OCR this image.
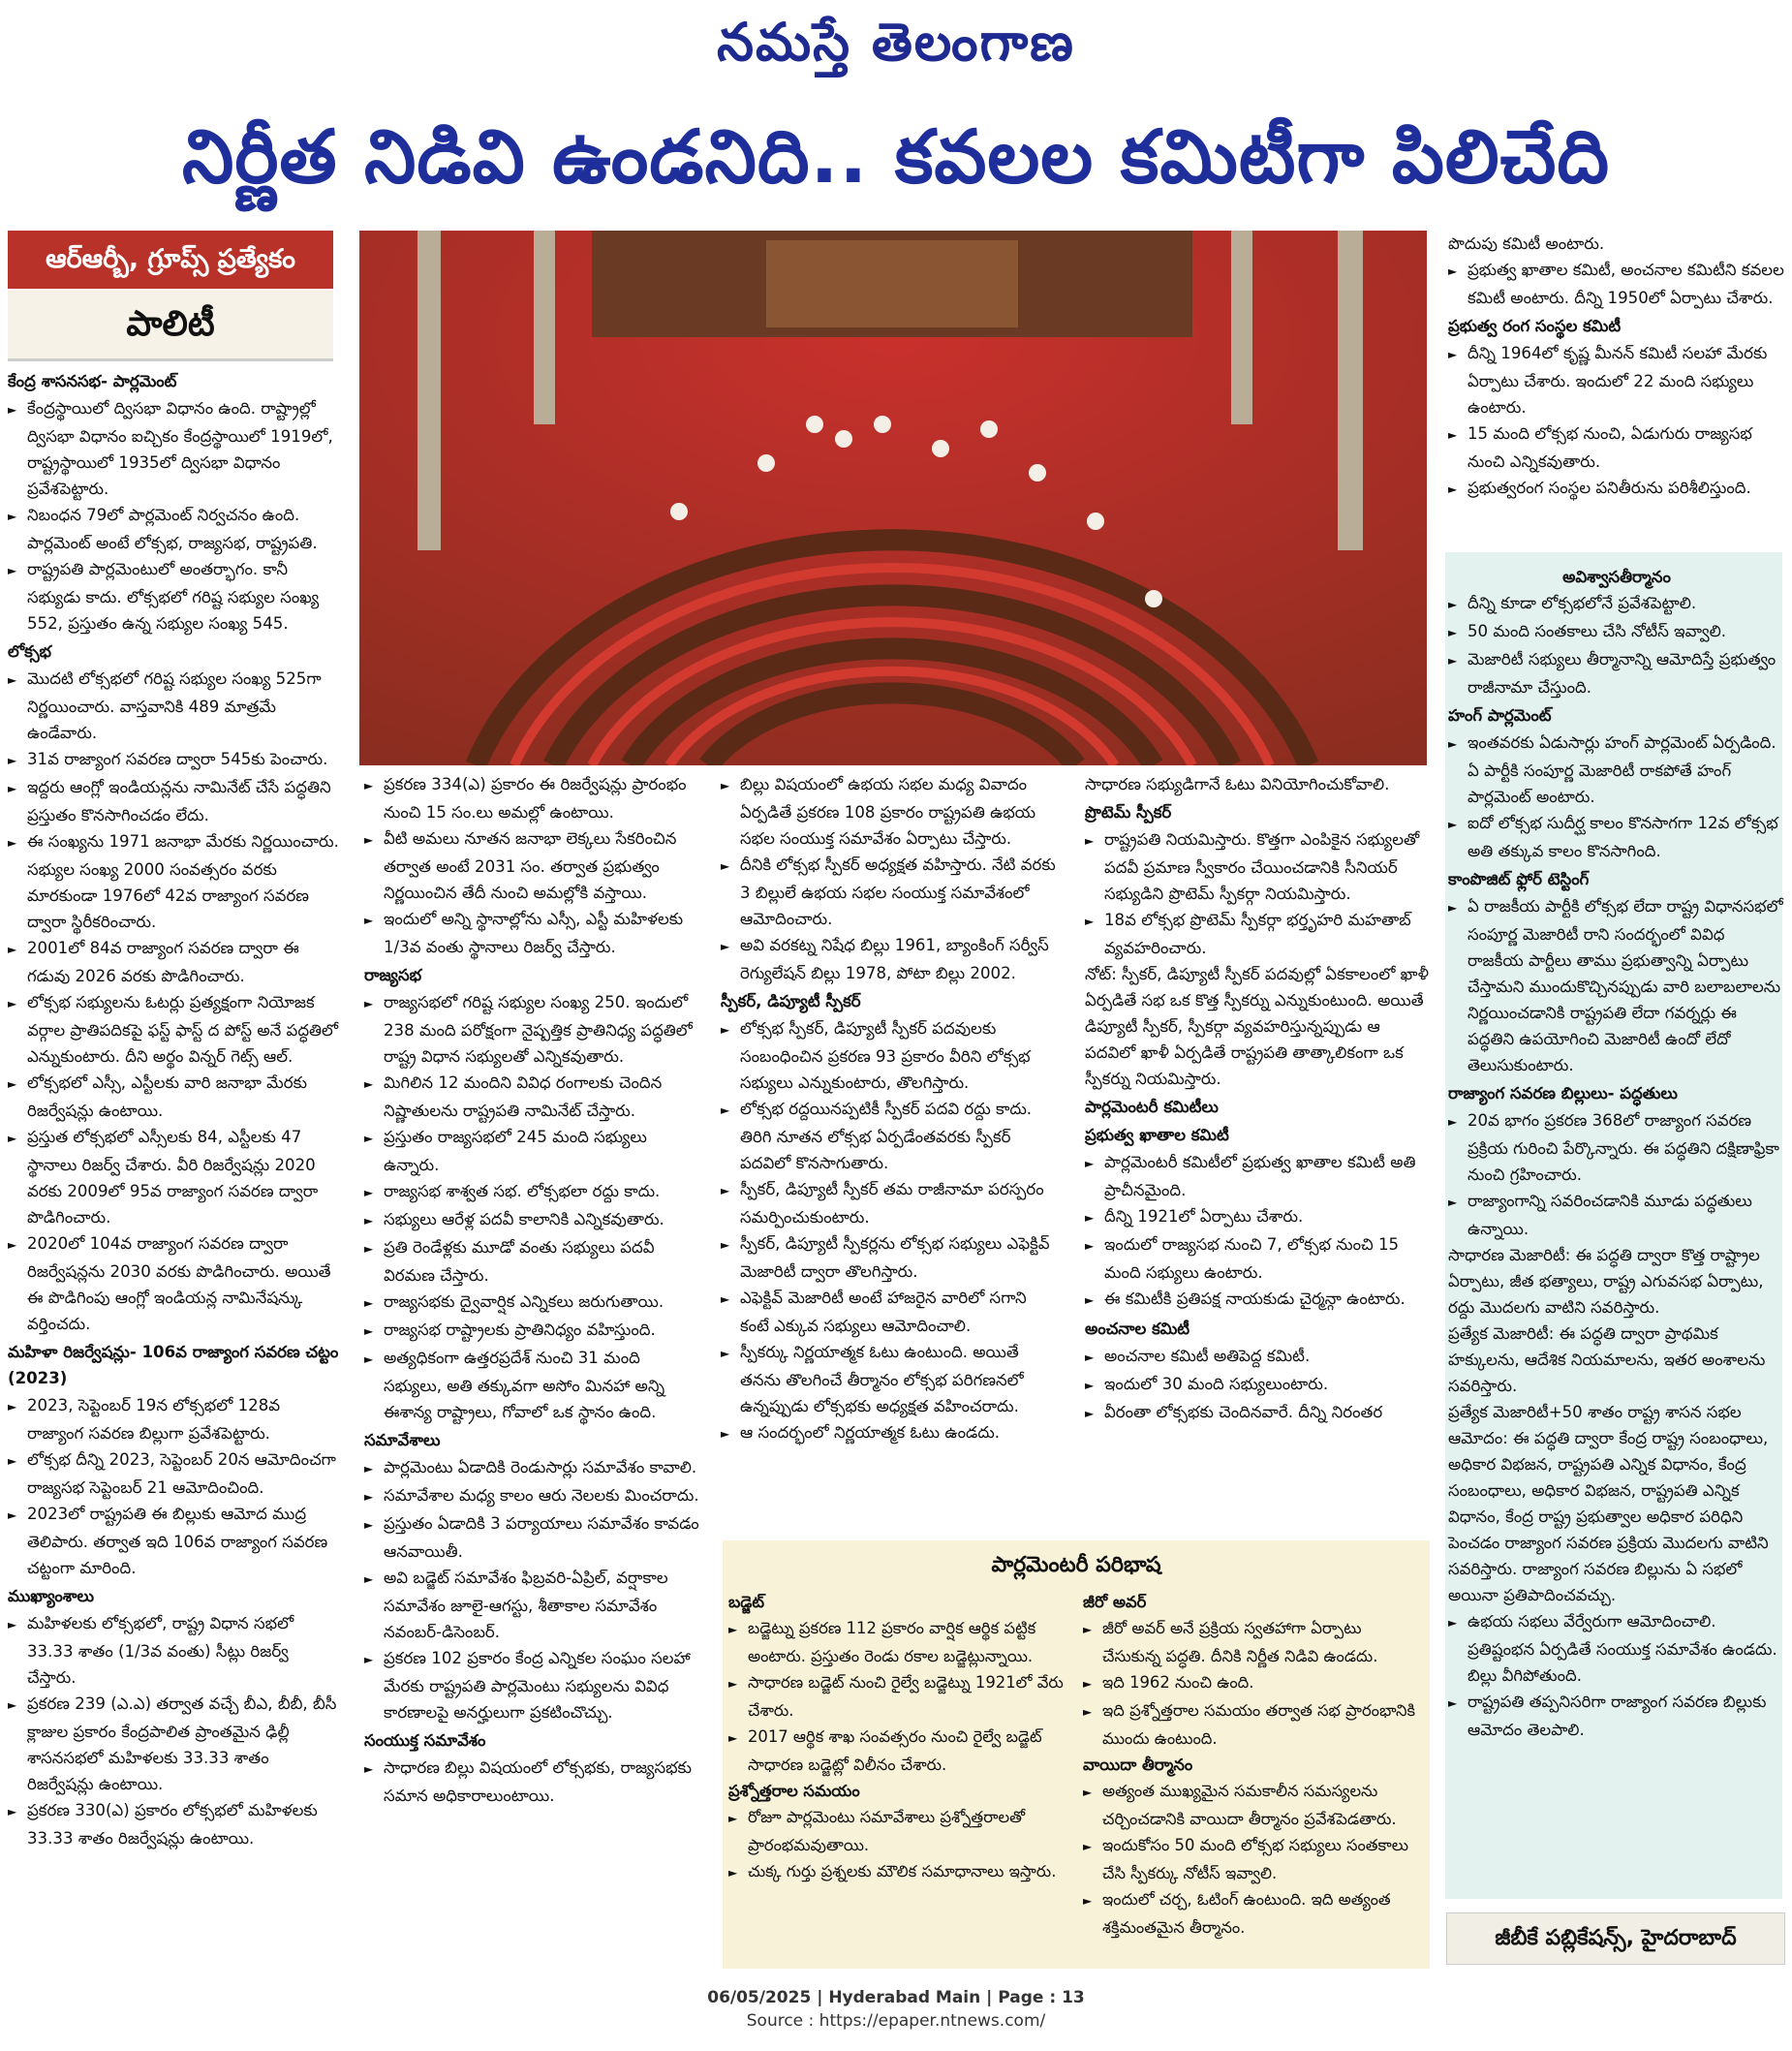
నమస్తే తెలంగాణ
నిర్ణీత నిడివి ఉండనిది.. కవలల కమిటీగా పిలిచేది
ఆర్ఆర్బీ, గ్రూప్స్ ప్రత్యేకం
పాలిటీ

కేంద్ర శాసనసభ- పార్లమెంట్

► కేంద్రస్థాయిలో ద్విసభా విధానం ఉంది. రాష్ట్రాల్లో ద్విసభా విధానం ఐచ్చికం కేంద్రస్థాయిలో 1919లో, రాష్ట్రస్థాయిలో 1935లో ద్విసభా విధానం ప్రవేశపెట్టారు.

► నిబంధన 79లో పార్లమెంట్ నిర్వచనం ఉంది. పార్లమెంట్ అంటే లోక్సభ, రాజ్యసభ, రాష్ట్రపతి.

► రాష్ట్రపతి పార్లమెంటులో అంతర్భాగం. కానీ సభ్యుడు కాదు. లోక్సభలో గరిష్ట సభ్యుల సంఖ్య 552, ప్రస్తుతం ఉన్న సభ్యుల సంఖ్య 545.

లోక్సభ

► మొదటి లోక్సభలో గరిష్ట సభ్యుల సంఖ్య 525గా నిర్ణయించారు. వాస్తవానికి 489 మాత్రమే ఉండేవారు.

► 31వ రాజ్యాంగ సవరణ ద్వారా 545కు పెంచారు.

► ఇద్దరు ఆంగ్లో ఇండియన్లను నామినేట్ చేసే పద్ధతిని ప్రస్తుతం కొనసాగించడం లేదు.

► ఈ సంఖ్యను 1971 జనాభా మేరకు నిర్ణయించారు. సభ్యుల సంఖ్య 2000 సంవత్సరం వరకు మారకుండా 1976లో 42వ రాజ్యాంగ సవరణ ద్వారా స్థిరీకరించారు.

► 2001లో 84వ రాజ్యాంగ సవరణ ద్వారా ఈ గడువు 2026 వరకు పొడిగించారు.

► లోక్సభ సభ్యులను ఓటర్లు ప్రత్యక్షంగా నియోజక వర్గాల ప్రాతిపదికపై ఫస్ట్ ఫాస్ట్ ద పోస్ట్ అనే పద్ధతిలో ఎన్నుకుంటారు. దీని అర్థం విన్నర్ గెట్స్ ఆల్.

► లోక్సభలో ఎస్సీ, ఎస్టీలకు వారి జనాభా మేరకు రిజర్వేషన్లు ఉంటాయి.

► ప్రస్తుత లోక్సభలో ఎస్సీలకు 84, ఎస్టీలకు 47 స్థానాలు రిజర్వ్ చేశారు. వీరి రిజర్వేషన్లు 2020 వరకు 2009లో 95వ రాజ్యాంగ సవరణ ద్వారా పొడిగించారు.

► 2020లో 104వ రాజ్యాంగ సవరణ ద్వారా రిజర్వేషన్లను 2030 వరకు పొడిగించారు. అయితే ఈ పొడిగింపు ఆంగ్లో ఇండియన్ల నామినేషన్కు వర్తించదు.

మహిళా రిజర్వేషన్లు- 106వ రాజ్యాంగ సవరణ చట్టం (2023)

► 2023, సెప్టెంబర్ 19న లోక్సభలో 128వ రాజ్యాంగ సవరణ బిల్లుగా ప్రవేశపెట్టారు.

► లోక్సభ దీన్ని 2023, సెప్టెంబర్ 20న ఆమోదించగా రాజ్యసభ సెప్టెంబర్ 21 ఆమోదించింది.

► 2023లో రాష్ట్రపతి ఈ బిల్లుకు ఆమోద ముద్ర తెలిపారు. తర్వాత ఇది 106వ రాజ్యాంగ సవరణ చట్టంగా మారింది.

ముఖ్యాంశాలు

► మహిళలకు లోక్సభలో, రాష్ట్ర విధాన సభలో 33.33 శాతం (1/3వ వంతు) సీట్లు రిజర్వ్ చేస్తారు.

► ప్రకరణ 239 (ఎ.ఎ) తర్వాత వచ్చే బీఎ, బీబీ, బీసీ క్లాజుల ప్రకారం కేంద్రపాలిత ప్రాంతమైన ఢిల్లీ శాసనసభలో మహిళలకు 33.33 శాతం రిజర్వేషన్లు ఉంటాయి.

► ప్రకరణ 330(ఎ) ప్రకారం లోక్సభలో మహిళలకు 33.33 శాతం రిజర్వేషన్లు ఉంటాయి.

► ప్రకరణ 334(ఎ) ప్రకారం ఈ రిజర్వేషన్లు ప్రారంభం నుంచి 15 సం.లు అమల్లో ఉంటాయి.

► వీటి అమలు నూతన జనాభా లెక్కలు సేకరించిన తర్వాత అంటే 2031 సం. తర్వాత ప్రభుత్వం నిర్ణయించిన తేదీ నుంచి అమల్లోకి వస్తాయి.

► ఇందులో అన్ని స్థానాల్లోను ఎస్సీ, ఎస్టీ మహిళలకు 1/3వ వంతు స్థానాలు రిజర్వ్ చేస్తారు.

రాజ్యసభ

► రాజ్యసభలో గరిష్ట సభ్యుల సంఖ్య 250. ఇందులో 238 మంది పరోక్షంగా నైష్పత్తిక ప్రాతినిధ్య పద్ధతిలో రాష్ట్ర విధాన సభ్యులతో ఎన్నికవుతారు.

► మిగిలిన 12 మందిని వివిధ రంగాలకు చెందిన నిష్ణాతులను రాష్ట్రపతి నామినేట్ చేస్తారు.

► ప్రస్తుతం రాజ్యసభలో 245 మంది సభ్యులు ఉన్నారు.

► రాజ్యసభ శాశ్వత సభ. లోక్సభలా రద్దు కాదు.

► సభ్యులు ఆరేళ్ల పదవీ కాలానికి ఎన్నికవుతారు.

► ప్రతి రెండేళ్లకు మూడో వంతు సభ్యులు పదవీ విరమణ చేస్తారు.

► రాజ్యసభకు ద్వైవార్షిక ఎన్నికలు జరుగుతాయి.

► రాజ్యసభ రాష్ట్రాలకు ప్రాతినిధ్యం వహిస్తుంది.

► అత్యధికంగా ఉత్తరప్రదేశ్ నుంచి 31 మంది సభ్యులు, అతి తక్కువగా అసోం మినహా అన్ని ఈశాన్య రాష్ట్రాలు, గోవాలో ఒక స్థానం ఉంది.

సమావేశాలు

► పార్లమెంటు ఏడాదికి రెండుసార్లు సమావేశం కావాలి.

► సమావేశాల మధ్య కాలం ఆరు నెలలకు మించరాదు.

► ప్రస్తుతం ఏడాదికి 3 పర్యాయాలు సమావేశం కావడం ఆనవాయితీ.

► అవి బడ్జెట్ సమావేశం ఫిబ్రవరి-ఏప్రిల్, వర్షాకాల సమావేశం జూలై-ఆగస్టు, శీతాకాల సమావేశం నవంబర్-డిసెంబర్.

► ప్రకరణ 102 ప్రకారం కేంద్ర ఎన్నికల సంఘం సలహా మేరకు రాష్ట్రపతి పార్లమెంటు సభ్యులను వివిధ కారణాలపై అనర్హులుగా ప్రకటించొచ్చు.

సంయుక్త సమావేశం

► సాధారణ బిల్లు విషయంలో లోక్సభకు, రాజ్యసభకు సమాన అధికారాలుంటాయి.

► బిల్లు విషయంలో ఉభయ సభల మధ్య వివాదం ఏర్పడితే ప్రకరణ 108 ప్రకారం రాష్ట్రపతి ఉభయ సభల సంయుక్త సమావేశం ఏర్పాటు చేస్తారు.

► దీనికి లోక్సభ స్పీకర్ అధ్యక్షత వహిస్తారు. నేటి వరకు 3 బిల్లులే ఉభయ సభల సంయుక్త సమావేశంలో ఆమోదించారు.

► అవి వరకట్న నిషేధ బిల్లు 1961, బ్యాంకింగ్ సర్వీస్ రెగ్యులేషన్ బిల్లు 1978, పోటా బిల్లు 2002.

స్పీకర్, డిప్యూటీ స్పీకర్

► లోక్సభ స్పీకర్, డిప్యూటీ స్పీకర్ పదవులకు సంబంధించిన ప్రకరణ 93 ప్రకారం వీరిని లోక్సభ సభ్యులు ఎన్నుకుంటారు, తొలగిస్తారు.

► లోక్సభ రద్దయినప్పటికీ స్పీకర్ పదవి రద్దు కాదు. తిరిగి నూతన లోక్సభ ఏర్పడేంతవరకు స్పీకర్ పదవిలో కొనసాగుతారు.

► స్పీకర్, డిప్యూటీ స్పీకర్ తమ రాజీనామా పరస్పరం సమర్పించుకుంటారు.

► స్పీకర్, డిప్యూటీ స్పీకర్లను లోక్సభ సభ్యులు ఎఫెక్టివ్ మెజారిటీ ద్వారా తొలగిస్తారు.

► ఎఫెక్టివ్ మెజారిటీ అంటే హాజరైన వారిలో సగాని కంటే ఎక్కువ సభ్యులు ఆమోదించాలి.

► స్పీకర్కు నిర్ణయాత్మక ఓటు ఉంటుంది. అయితే తనను తొలగించే తీర్మానం లోక్సభ పరిగణనలో ఉన్నప్పుడు లోక్సభకు అధ్యక్షత వహించరాదు.

► ఆ సందర్భంలో నిర్ణయాత్మక ఓటు ఉండదు.

సాధారణ సభ్యుడిగానే ఓటు వినియోగించుకోవాలి.

ప్రొటెమ్ స్పీకర్

► రాష్ట్రపతి నియమిస్తారు. కొత్తగా ఎంపికైన సభ్యులతో పదవీ ప్రమాణ స్వీకారం చేయించడానికి సీనియర్ సభ్యుడిని ప్రొటెమ్ స్పీకర్గా నియమిస్తారు.

► 18వ లోక్సభ ప్రొటెమ్ స్పీకర్గా భర్తృహరి మహతాబ్ వ్యవహరించారు.

నోట్: స్పీకర్, డిప్యూటీ స్పీకర్ పదవుల్లో ఏకకాలంలో ఖాళీ ఏర్పడితే సభ ఒక కొత్త స్పీకర్ను ఎన్నుకుంటుంది. అయితే డిప్యూటీ స్పీకర్, స్పీకర్గా వ్యవహరిస్తున్నప్పుడు ఆ పదవిలో ఖాళీ ఏర్పడితే రాష్ట్రపతి తాత్కాలికంగా ఒక స్పీకర్ను నియమిస్తారు.

పార్లమెంటరీ కమిటీలు

ప్రభుత్వ ఖాతాల కమిటీ

► పార్లమెంటరీ కమిటీలో ప్రభుత్వ ఖాతాల కమిటీ అతి ప్రాచీనమైంది.

► దీన్ని 1921లో ఏర్పాటు చేశారు.

► ఇందులో రాజ్యసభ నుంచి 7, లోక్సభ నుంచి 15 మంది సభ్యులు ఉంటారు.

► ఈ కమిటీకి ప్రతిపక్ష నాయకుడు చైర్మన్గా ఉంటారు.

అంచనాల కమిటీ

► అంచనాల కమిటీ అతిపెద్ద కమిటీ.

► ఇందులో 30 మంది సభ్యులుంటారు.

► వీరంతా లోక్సభకు చెందినవారే. దీన్ని నిరంతర

పొదుపు కమిటీ అంటారు.

► ప్రభుత్వ ఖాతాల కమిటీ, అంచనాల కమిటీని కవలల కమిటీ అంటారు. దీన్ని 1950లో ఏర్పాటు చేశారు.

ప్రభుత్వ రంగ సంస్థల కమిటీ

► దీన్ని 1964లో కృష్ణ మీనన్ కమిటీ సలహా మేరకు ఏర్పాటు చేశారు. ఇందులో 22 మంది సభ్యులు ఉంటారు.

► 15 మంది లోక్సభ నుంచి, ఏడుగురు రాజ్యసభ నుంచి ఎన్నికవుతారు.

► ప్రభుత్వరంగ సంస్థల పనితీరును పరిశీలిస్తుంది.

అవిశ్వాసతీర్మానం

► దీన్ని కూడా లోక్సభలోనే ప్రవేశపెట్టాలి.

► 50 మంది సంతకాలు చేసి నోటీస్ ఇవ్వాలి.

► మెజారిటీ సభ్యులు తీర్మానాన్ని ఆమోదిస్తే ప్రభుత్వం రాజీనామా చేస్తుంది.

హంగ్ పార్లమెంట్

► ఇంతవరకు ఏడుసార్లు హంగ్ పార్లమెంట్ ఏర్పడింది. ఏ పార్టీకి సంపూర్ణ మెజారిటీ రాకపోతే హంగ్ పార్లమెంట్ అంటారు.

► ఐదో లోక్సభ సుదీర్ఘ కాలం కొనసాగగా 12వ లోక్సభ అతి తక్కువ కాలం కొనసాగింది.

కాంపొజిట్ ఫ్లోర్ టెస్టింగ్

► ఏ రాజకీయ పార్టీకి లోక్సభ లేదా రాష్ట్ర విధానసభలో సంపూర్ణ మెజారిటీ రాని సందర్భంలో వివిధ రాజకీయ పార్టీలు తాము ప్రభుత్వాన్ని ఏర్పాటు చేస్తామని ముందుకొచ్చినప్పుడు వారి బలాబలాలను నిర్ణయించడానికి రాష్ట్రపతి లేదా గవర్నర్లు ఈ పద్ధతిని ఉపయోగించి మెజారిటీ ఉందో లేదో తెలుసుకుంటారు.

రాజ్యాంగ సవరణ బిల్లులు- పద్ధతులు

► 20వ భాగం ప్రకరణ 368లో రాజ్యాంగ సవరణ ప్రక్రియ గురించి పేర్కొన్నారు. ఈ పద్ధతిని దక్షిణాఫ్రికా నుంచి గ్రహించారు.

► రాజ్యాంగాన్ని సవరించడానికి మూడు పద్ధతులు ఉన్నాయి.

సాధారణ మెజారిటీ: ఈ పద్ధతి ద్వారా కొత్త రాష్ట్రాల ఏర్పాటు, జీత భత్యాలు, రాష్ట్ర ఎగువసభ ఏర్పాటు, రద్దు మొదలగు వాటిని సవరిస్తారు.

ప్రత్యేక మెజారిటీ: ఈ పద్ధతి ద్వారా ప్రాథమిక హక్కులను, ఆదేశిక నియమాలను, ఇతర అంశాలను సవరిస్తారు.

ప్రత్యేక మెజారిటీ+50 శాతం రాష్ట్ర శాసన సభల ఆమోదం: ఈ పద్ధతి ద్వారా కేంద్ర రాష్ట్ర సంబంధాలు, అధికార విభజన, రాష్ట్రపతి ఎన్నిక విధానం, కేంద్ర సంబంధాలు, అధికార విభజన, రాష్ట్రపతి ఎన్నిక విధానం, కేంద్ర రాష్ట్ర ప్రభుత్వాల అధికార పరిధిని పెంచడం రాజ్యాంగ సవరణ ప్రక్రియ మొదలగు వాటిని సవరిస్తారు. రాజ్యాంగ సవరణ బిల్లును ఏ సభలో అయినా ప్రతిపాదించవచ్చు.

► ఉభయ సభలు వేర్వేరుగా ఆమోదించాలి. ప్రతిష్టంభన ఏర్పడితే సంయుక్త సమావేశం ఉండదు. బిల్లు వీగిపోతుంది.

► రాష్ట్రపతి తప్పనిసరిగా రాజ్యాంగ సవరణ బిల్లుకు ఆమోదం తెలపాలి.

పార్లమెంటరీ పరిభాష

బడ్జెట్

► బడ్జెట్ను ప్రకరణ 112 ప్రకారం వార్షిక ఆర్థిక పట్టిక అంటారు. ప్రస్తుతం రెండు రకాల బడ్జెట్లున్నాయి.

► సాధారణ బడ్జెట్ నుంచి రైల్వే బడ్జెట్ను 1921లో వేరు చేశారు.

► 2017 ఆర్థిక శాఖ సంవత్సరం నుంచి రైల్వే బడ్జెట్ సాధారణ బడ్జెట్లో విలీనం చేశారు.

ప్రశ్నోత్తరాల సమయం

► రోజూ పార్లమెంటు సమావేశాలు ప్రశ్నోత్తరాలతో ప్రారంభమవుతాయి.

► చుక్క గుర్తు ప్రశ్నలకు మౌలిక సమాధానాలు ఇస్తారు.

జీరో అవర్

► జీరో అవర్ అనే ప్రక్రియ స్వతహాగా ఏర్పాటు చేసుకున్న పద్ధతి. దీనికి నిర్ణీత నిడివి ఉండదు.

► ఇది 1962 నుంచి ఉంది.

► ఇది ప్రశ్నోత్తరాల సమయం తర్వాత సభ ప్రారంభానికి ముందు ఉంటుంది.

వాయిదా తీర్మానం

► అత్యంత ముఖ్యమైన సమకాలీన సమస్యలను చర్చించడానికి వాయిదా తీర్మానం ప్రవేశపెడతారు.

► ఇందుకోసం 50 మంది లోక్సభ సభ్యులు సంతకాలు చేసి స్పీకర్కు నోటీస్ ఇవ్వాలి.

► ఇందులో చర్చ, ఓటింగ్ ఉంటుంది. ఇది అత్యంత శక్తిమంతమైన తీర్మానం.	జీబీకే పబ్లికేషన్స్, హైదరాబాద్
06/05/2025 | Hyderabad Main | Page : 13
Source : https://epaper.ntnews.com/
